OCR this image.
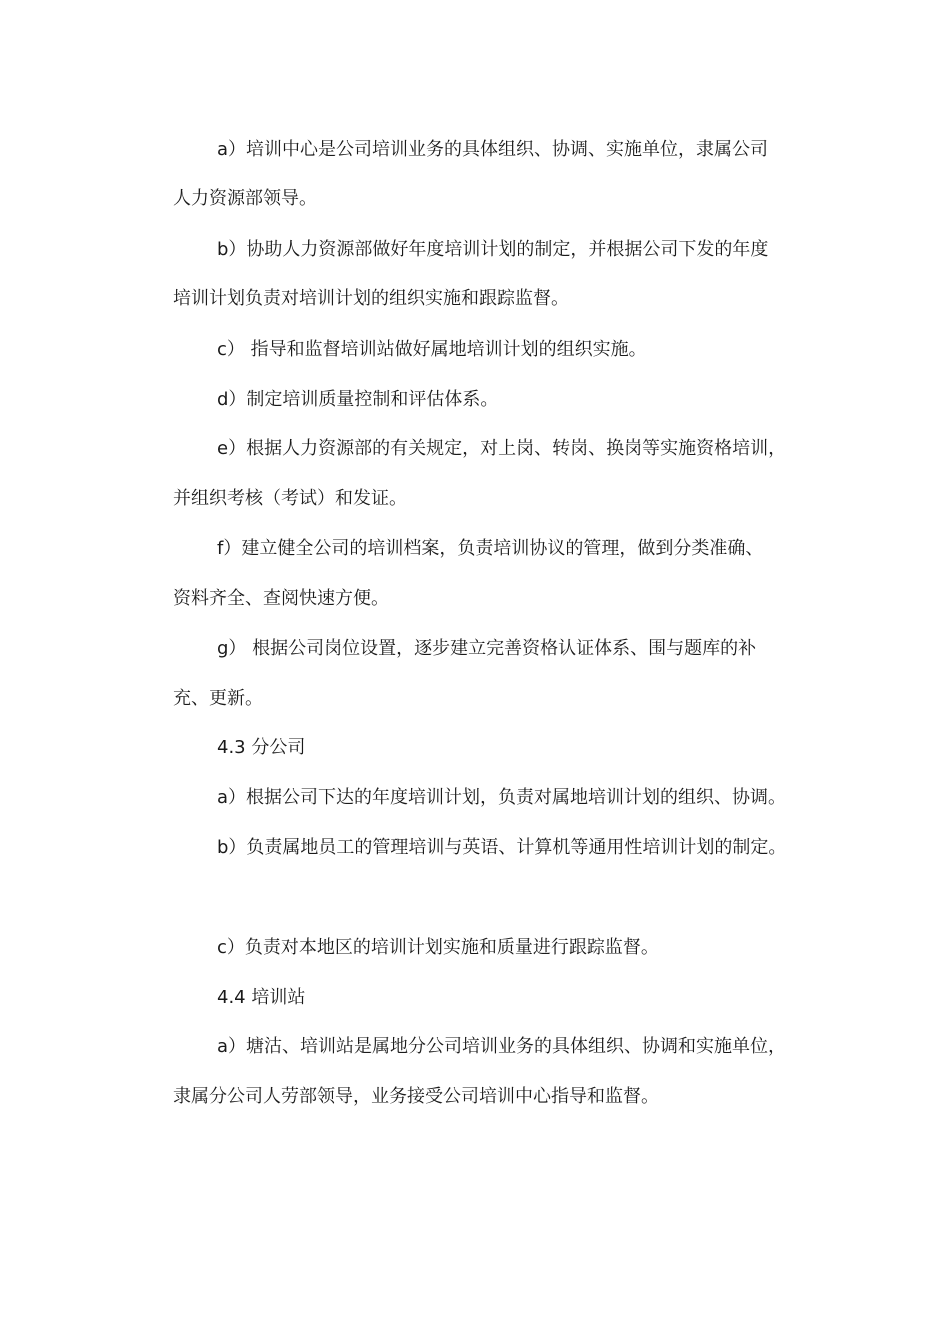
a）培训中心是公司培训业务的具体组织、协调、实施单位，隶属公司
人力资源部领导。
b）协助人力资源部做好年度培训计划的制定，并根据公司下发的年度
培训计划负责对培训计划的组织实施和跟踪监督。
c） 指导和监督培训站做好属地培训计划的组织实施。
d）制定培训质量控制和评估体系。
e）根据人力资源部的有关规定，对上岗、转岗、换岗等实施资格培训，
并组织考核（考试）和发证。
f）建立健全公司的培训档案，负责培训协议的管理，做到分类准确、
资料齐全、查阅快速方便。
g） 根据公司岗位设置，逐步建立完善资格认证体系、围与题库的补
充、更新。
4.3 分公司
a）根据公司下达的年度培训计划，负责对属地培训计划的组织、协调。
b）负责属地员工的管理培训与英语、计算机等通用性培训计划的制定。
c）负责对本地区的培训计划实施和质量进行跟踪监督。
4.4 培训站
a）塘沽、培训站是属地分公司培训业务的具体组织、协调和实施单位，
隶属分公司人劳部领导，业务接受公司培训中心指导和监督。
